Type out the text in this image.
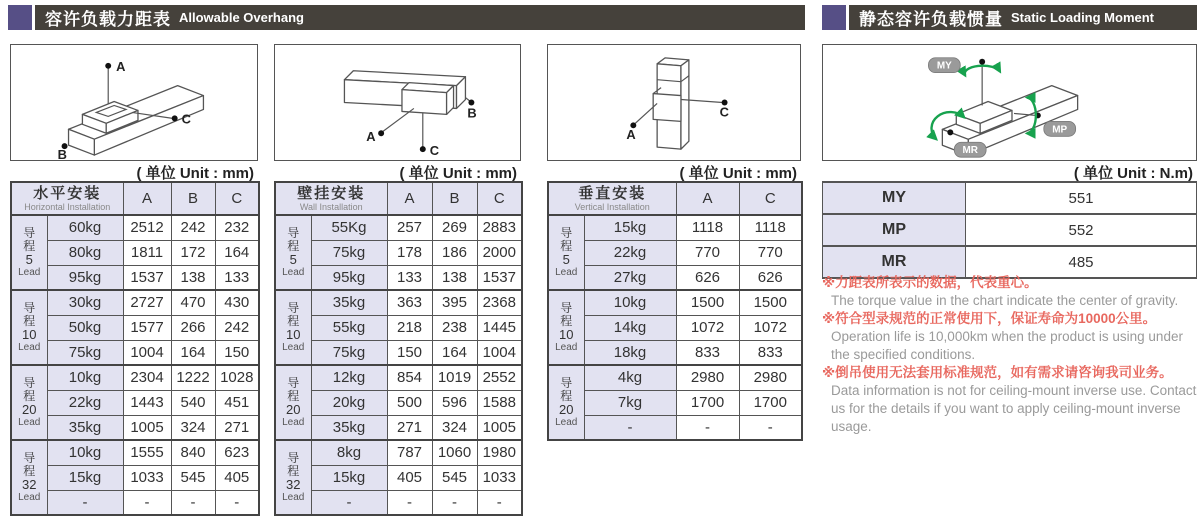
容许负载力距表 Allowable Overhang	静态容许负载惯量 Static Loading Moment
A
B
C	B
A
C
A
C
MY
MP
MR
( 单位 Unit : mm)	( 单位 Unit : mm)	( 单位 Unit : mm)	( 单位 Unit : N.m)
水平安装
Horizontal Installation		A	B	C

导
程
5
Lead	60kg	2512	242	232
	80kg	1811	172	164
	95kg	1537	138	133

导
程
10
Lead	30kg	2727	470	430
	50kg	1577	266	242
	75kg	1004	164	150

导
程
20
Lead	10kg	2304	1222	1028
	22kg	1443	540	451
	35kg	1005	324	271

导
程
32
Lead	10kg	1555	840	623
	15kg	1033	545	405
	-	-	-	-
壁挂安装
Wall Installation		A	B	C

导
程
5
Lead	55Kg	257	269	2883
	75kg	178	186	2000
	95kg	133	138	1537

导
程
10
Lead	35kg	363	395	2368
	55kg	218	238	1445
	75kg	150	164	1004

导
程
20
Lead	12kg	854	1019	2552
	20kg	500	596	1588
	35kg	271	324	1005

导
程
32
Lead	8kg	787	1060	1980
	15kg	405	545	1033
	-	-	-	-
垂直安装
Vertical Installation		A	C

导
程
5
Lead	15kg	1118	1118
	22kg	770	770
	27kg	626	626

导
程
10
Lead	10kg	1500	1500
	14kg	1072	1072
	18kg	833	833

导
程
20
Lead	4kg	2980	2980
	7kg	1700	1700
	-	-	-
MY	551
MP	552
MR	485
※力距表所表示的数据，代表重心。
The torque value in the chart indicate the center of gravity.
※符合型录规范的正常使用下，保证寿命为10000公里。
Operation life is 10,000km when the product is using under the specified conditions.
※倒吊使用无法套用标准规范，如有需求请咨询我司业务。
Data information is not for ceiling-mount inverse use. Contact us for the details if you want to apply ceiling-mount inverse usage.
